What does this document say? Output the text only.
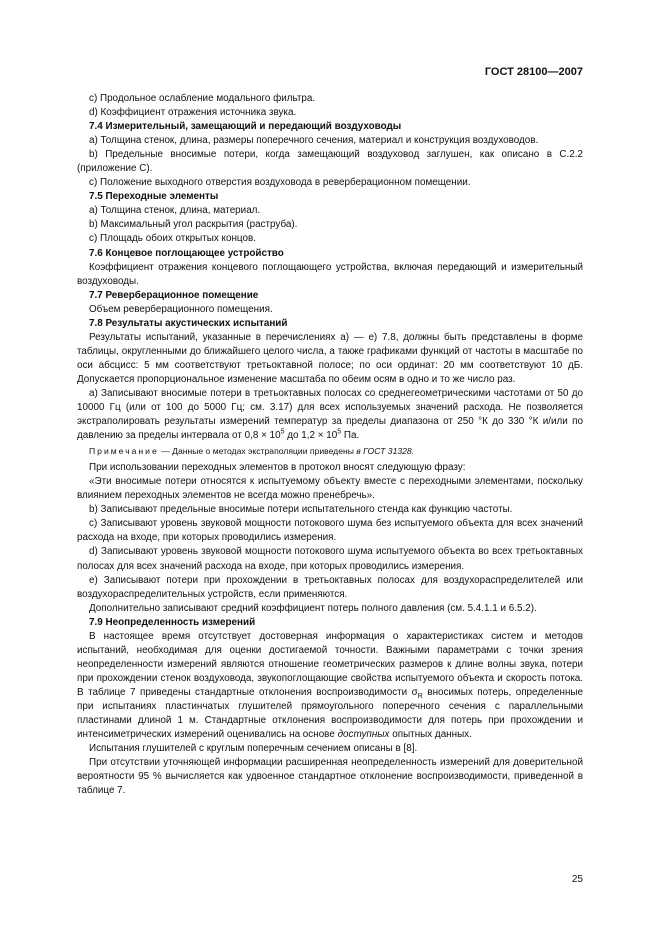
ГОСТ 28100—2007

c) Продольное ослабление модального фильтра.

d) Коэффициент отражения источника звука.

7.4 Измерительный, замещающий и передающий воздуховоды

a) Толщина стенок, длина, размеры поперечного сечения, материал и конструкция воздуховодов.

b) Предельные вносимые потери, когда замещающий воздуховод заглушен, как описано в С.2.2 (приложение С).

c) Положение выходного отверстия воздуховода в реверберационном помещении.

7.5 Переходные элементы

a) Толщина стенок, длина, материал.

b) Максимальный угол раскрытия (раструба).

c) Площадь обоих открытых концов.

7.6 Концевое поглощающее устройство

Коэффициент отражения концевого поглощающего устройства, включая передающий и измерительный воздуховоды.

7.7 Реверберационное помещение

Объем реверберационного помещения.

7.8 Результаты акустических испытаний

Результаты испытаний, указанные в перечислениях а) — е) 7.8, должны быть представлены в форме таблицы, округленными до ближайшего целого числа, а также графиками функций от частоты в масштабе по оси абсцисс: 5 мм соответствуют третьоктавной полосе; по оси ординат: 20 мм соответствуют 10 дБ. Допускается пропорциональное изменение масштаба по обеим осям в одно и то же число раз.

a) Записывают вносимые потери в третьоктавных полосах со среднегеометрическими частотами от 50 до 10000 Гц (или от 100 до 5000 Гц; см. 3.17) для всех используемых значений расхода. Не позволяется экстраполировать результаты измерений температур за пределы диапазона от 250 °К до 330 °К и/или по давлению за пределы интервала от $0,8 \times 10^5$ до $1,2 \times 10^5$ Па.

Примечание — Данные о методах экстраполяции приведены в ГОСТ 31328.

При использовании переходных элементов в протокол вносят следующую фразу:

«Эти вносимые потери относятся к испытуемому объекту вместе с переходными элементами, поскольку влиянием переходных элементов не всегда можно пренебречь».

b) Записывают предельные вносимые потери испытательного стенда как функцию частоты.

c) Записывают уровень звуковой мощности потокового шума без испытуемого объекта для всех значений расхода на входе, при которых проводились измерения.

d) Записывают уровень звуковой мощности потокового шума испытуемого объекта во всех третьоктавных полосах для всех значений расхода на входе, при которых проводились измерения.

e) Записывают потери при прохождении в третьоктавных полосах для воздухораспределителей или воздухораспределительных устройств, если применяются.

Дополнительно записывают средний коэффициент потерь полного давления (см. 5.4.1.1 и 6.5.2).

7.9 Неопределенность измерений

В настоящее время отсутствует достоверная информация о характеристиках систем и методов испытаний, необходимая для оценки достигаемой точности. Важными параметрами с точки зрения неопределенности измерений являются отношение геометрических размеров к длине волны звука, потери при прохождении стенок воздуховода, звукопоглощающие свойства испытуемого объекта и скорость потока. В таблице 7 приведены стандартные отклонения воспроизводимости $\sigma_R$ вносимых потерь, определенные при испытаниях пластинчатых глушителей прямоугольного поперечного сечения с параллельными пластинами длиной 1 м. Стандартные отклонения воспроизводимости для потерь при прохождении и интенсиметрических измерений оценивались на основе доступных опытных данных.

Испытания глушителей с круглым поперечным сечением описаны в [8].

При отсутствии уточняющей информации расширенная неопределенность измерений для доверительной вероятности 95 % вычисляется как удвоенное стандартное отклонение воспроизводимости, приведенной в таблице 7.

25
